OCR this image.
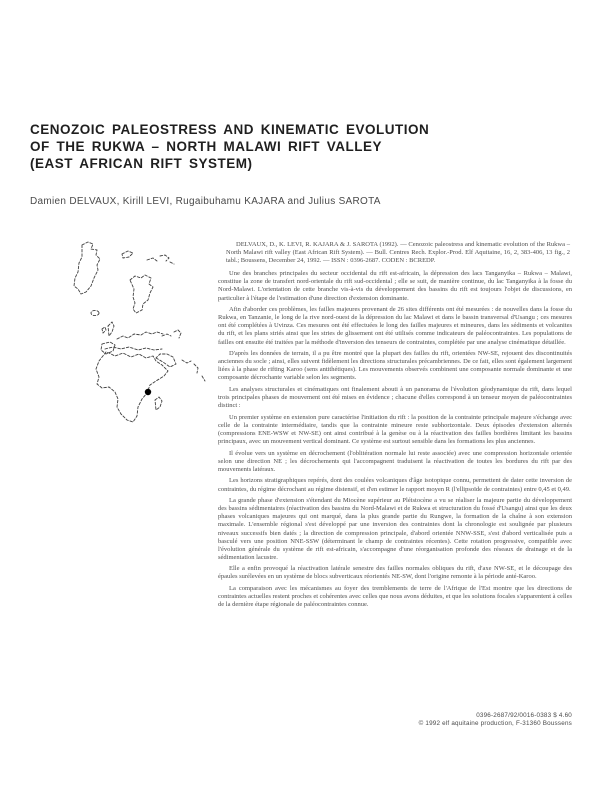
CENOZOIC PALEOSTRESS AND KINEMATIC EVOLUTION
OF THE RUKWA – NORTH MALAWI RIFT VALLEY
(EAST AFRICAN RIFT SYSTEM)
Damien DELVAUX, Kirill LEVI, Rugaibuhamu KAJARA and Julius SAROTA

DELVAUX, D., K. LEVI, R. KAJARA & J. SAROTA (1992). — Cenozoic paleostress and kinematic evolution of the Rukwa – North Malawi rift valley (East African Rift System). — Bull. Centres Rech. Explor.-Prod. Elf Aquitaine, 16, 2, 383-406, 13 fig., 2 tabl.; Boussens, December 24, 1992. — ISSN : 0396-2687. CODEN : BCREDP.

Une des branches principales du secteur occidental du rift est-africain, la dépression des lacs Tanganyika – Rukwa – Malawi, constitue la zone de transfert nord-orientale du rift sud-occidental ; elle se suit, de manière continue, du lac Tanganyika à la fosse du Nord-Malawi. L'orientation de cette branche vis-à-vis du développement des bassins du rift est toujours l'objet de discussions, en particulier à l'étape de l'estimation d'une direction d'extension dominante.

Afin d'aborder ces problèmes, les failles majeures provenant de 26 sites différents ont été mesurées : de nouvelles dans la fosse du Rukwa, en Tanzanie, le long de la rive nord-ouest de la dépression du lac Malawi et dans le bassin transversal d'Usangu ; ces mesures ont été complétées à Uvinza. Ces mesures ont été effectuées le long des failles majeures et mineures, dans les sédiments et volcanites du rift, et les plans striés ainsi que les stries de glissement ont été utilisés comme indicateurs de paléocontraintes. Les populations de failles ont ensuite été traitées par la méthode d'inversion des tenseurs de contraintes, complétée par une analyse cinématique détaillée.

D'après les données de terrain, il a pu être montré que la plupart des failles du rift, orientées NW-SE, rejouent des discontinuités anciennes du socle ; ainsi, elles suivent fidèlement les directions structurales précambriennes. De ce fait, elles sont également largement liées à la phase de rifting Karoo (sens antithétiques). Les mouvements observés combinent une composante normale dominante et une composante décrochante variable selon les segments.

Les analyses structurales et cinématiques ont finalement abouti à un panorama de l'évolution géodynamique du rift, dans lequel trois principales phases de mouvement ont été mises en évidence ; chacune d'elles correspond à un tenseur moyen de paléocontraintes distinct :

Un premier système en extension pure caractérise l'initiation du rift : la position de la contrainte principale majeure s'échange avec celle de la contrainte intermédiaire, tandis que la contrainte mineure reste subhorizontale. Deux épisodes d'extension alternés (compressions ENE-WSW et NW-SE) ont ainsi contribué à la genèse ou à la réactivation des failles bordières limitant les bassins principaux, avec un mouvement vertical dominant. Ce système est surtout sensible dans les formations les plus anciennes.

Il évolue vers un système en décrochement (l'oblitération normale lui reste associée) avec une compression horizontale orientée selon une direction NE ; les décrochements qui l'accompagnent traduisent la réactivation de toutes les bordures du rift par des mouvements latéraux.

Les horizons stratigraphiques repérés, dont des coulées volcaniques d'âge isotopique connu, permettent de dater cette inversion de contraintes, du régime décrochant au régime distensif, et d'en estimer le rapport moyen R (l'ellipsoïde de contraintes) entre 0,45 et 0,49.

La grande phase d'extension s'étendant du Miocène supérieur au Pléistocène a vu se réaliser la majeure partie du développement des bassins sédimentaires (réactivation des bassins du Nord-Malawi et de Rukwa et structuration du fossé d'Usangu) ainsi que les deux phases volcaniques majeures qui ont marqué, dans la plus grande partie du Rungwe, la formation de la chaîne à son extension maximale. L'ensemble régional s'est développé par une inversion des contraintes dont la chronologie est soulignée par plusieurs niveaux successifs bien datés ; la direction de compression principale, d'abord orientée NNW-SSE, s'est d'abord verticalisée puis a basculé vers une position NNE-SSW (déterminant le champ de contraintes récentes). Cette rotation progressive, compatible avec l'évolution générale du système de rift est-africain, s'accompagne d'une réorganisation profonde des réseaux de drainage et de la sédimentation lacustre.

Elle a enfin provoqué la réactivation latérale senestre des failles normales obliques du rift, d'axe NW-SE, et le découpage des épaules surélevées en un système de blocs subverticaux réorientés NE-SW, dont l'origine remonte à la période anté-Karoo.

La comparaison avec les mécanismes au foyer des tremblements de terre de l'Afrique de l'Est montre que les directions de contraintes actuelles restent proches et cohérentes avec celles que nous avons déduites, et que les solutions focales s'apparentent à celles de la dernière étape régionale de paléocontraintes connue.

0396-2687/92/0016-0383 $ 4.60
© 1992 elf aquitaine production, F-31360 Boussens
